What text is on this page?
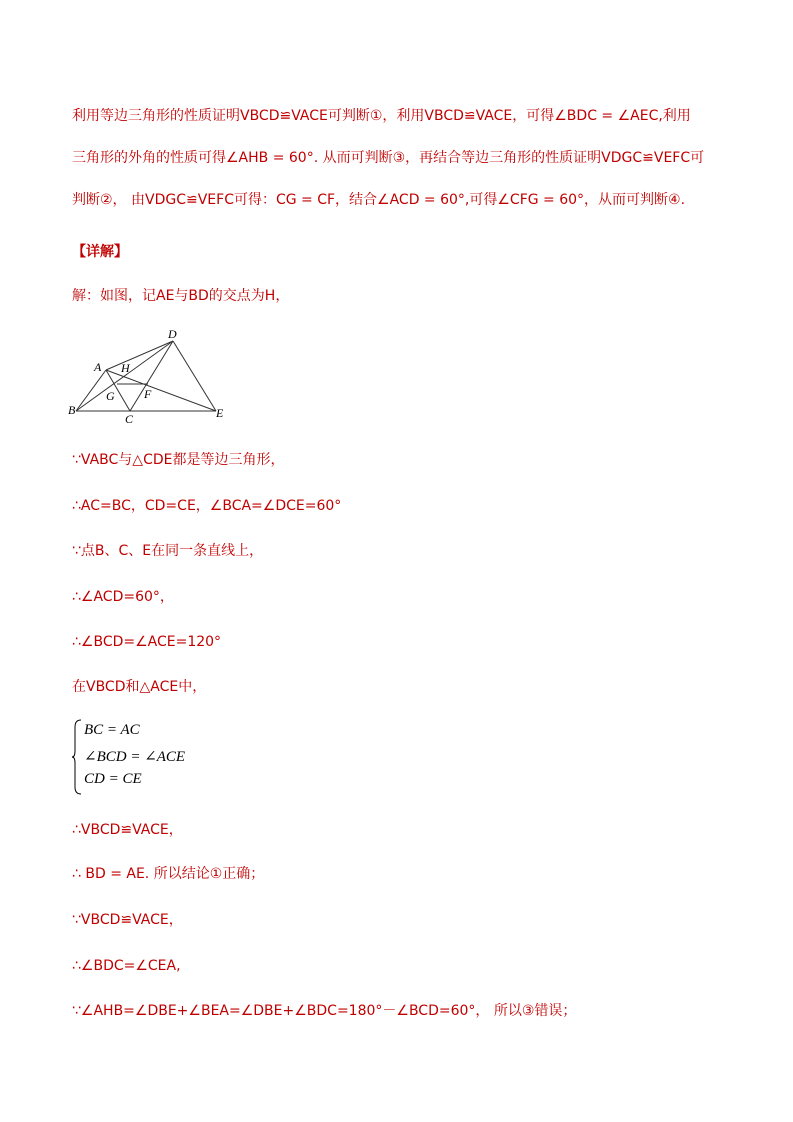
利用等边三角形的性质证明VBCD≌VACE可判断①，利用VBCD≌VACE，可得∠BDC = ∠AEC,利用
三角形的外角的性质可得∠AHB = 60°. 从而可判断③，再结合等边三角形的性质证明VDGC≌VEFC可
判断②， 由VDGC≌VEFC可得：CG = CF，结合∠ACD = 60°,可得∠CFG = 60°，从而可判断④.
【详解】
解：如图，记AE与BD的交点为H，
D
A H
G F
B
C	E
∵VABC与△CDE都是等边三角形，
∴AC=BC，CD=CE，∠BCA=∠DCE=60°
∵点B、C、E在同一条直线上，
∴∠ACD=60°，
∴∠BCD=∠ACE=120°
在VBCD和△ACE中，
BC = AC
∠BCD = ∠ACE
CD = CE
∴VBCD≌VACE，
∴ BD = AE. 所以结论①正确；
∵VBCD≌VACE，
∴∠BDC=∠CEA,
∵∠AHB=∠DBE+∠BEA=∠DBE+∠BDC=180°－∠BCD=60°， 所以③错误；
